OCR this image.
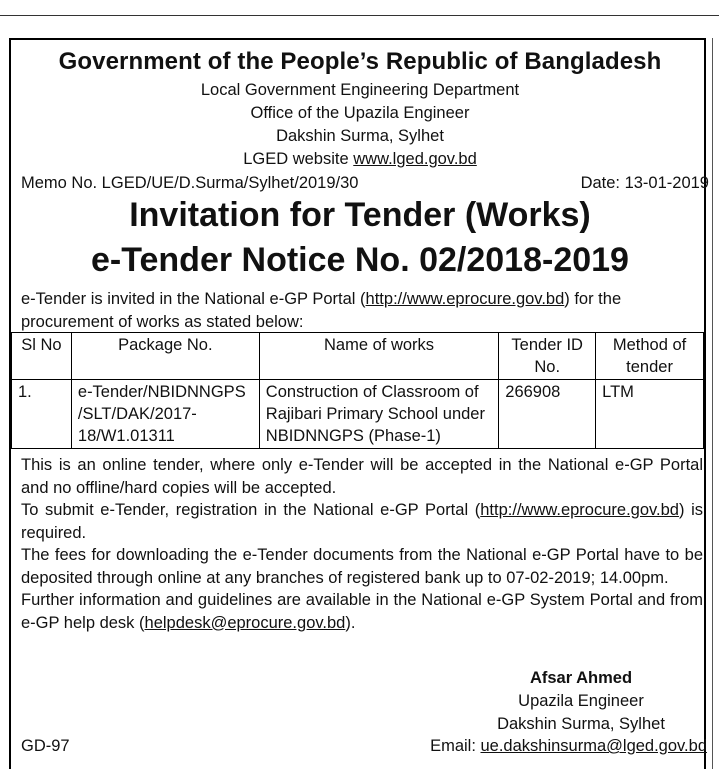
Government of the People’s Republic of Bangladesh
Local Government Engineering Department
Office of the Upazila Engineer
Dakshin Surma, Sylhet
LGED website www.lged.gov.bd
Memo No. LGED/UE/D.Surma/Sylhet/2019/30	Date: 13-01-2019
Invitation for Tender (Works)
e-Tender Notice No. 02/2018-2019
e-Tender is invited in the National e-GP Portal (http://www.eprocure.gov.bd) for the
procurement of works as stated below:
Sl No	Package No.	Name of works	Tender ID No.	Method of tender
1.	e-Tender/NBIDNNGPS /SLT/DAK/2017-18/W1.01311	Construction of Classroom of Rajibari Primary School under NBIDNNGPS (Phase-1)	266908	LTM

This is an online tender, where only e-Tender will be accepted in the National e-GP Portal and no offline/hard copies will be accepted.

To submit e-Tender, registration in the National e-GP Portal (http://www.eprocure.gov.bd) is required.

The fees for downloading the e-Tender documents from the National e-GP Portal have to be deposited through online at any branches of registered bank up to 07-02-2019; 14.00pm.

Further information and guidelines are available in the National e-GP System Portal and from e-GP help desk (helpdesk@eprocure.gov.bd).

Afsar Ahmed
Upazila Engineer
Dakshin Surma, Sylhet
GD-97	Email: ue.dakshinsurma@lged.gov.bd
